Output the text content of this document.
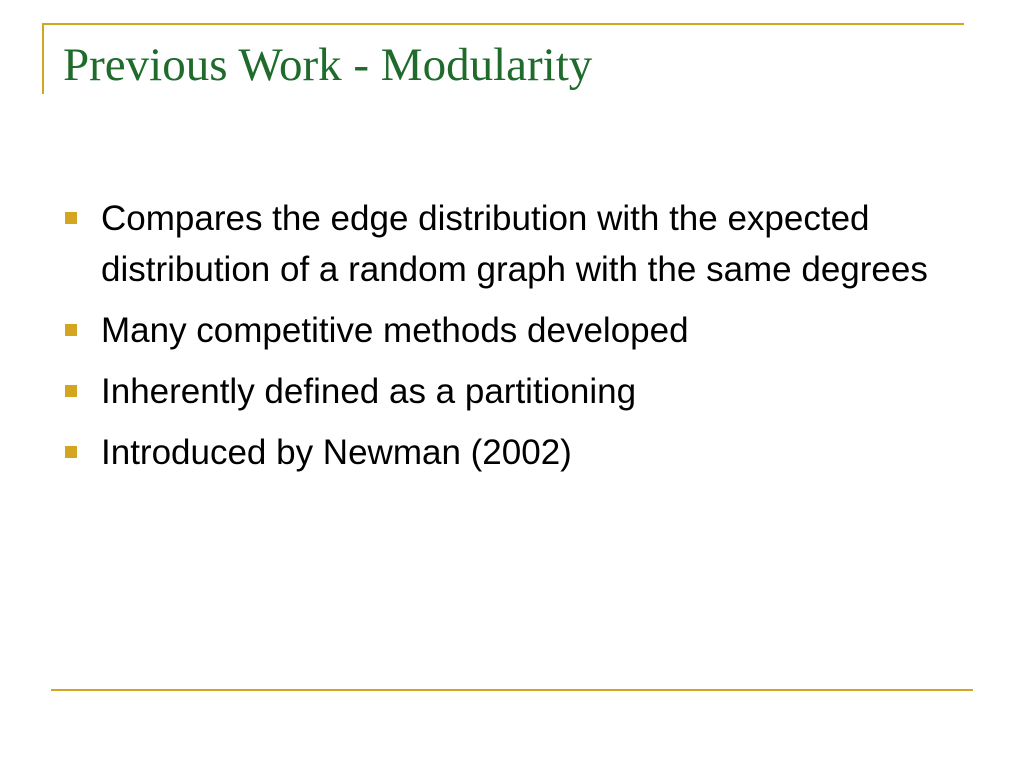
Previous Work - Modularity
Compares the edge distribution with the expected distribution of a random graph with the same degrees
Many competitive methods developed
Inherently defined as a partitioning
Introduced by Newman (2002)
